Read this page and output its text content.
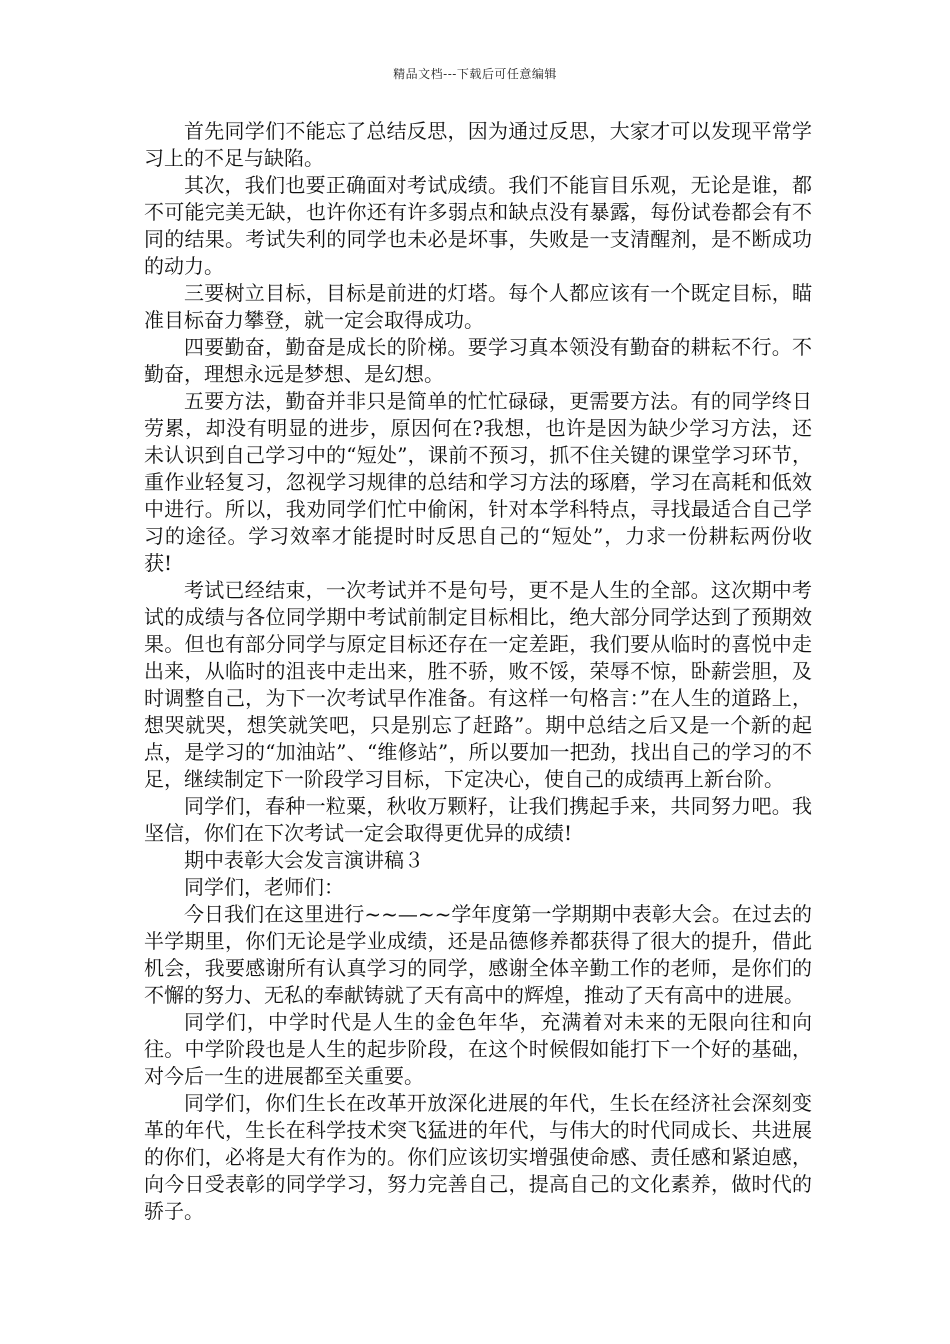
精品文档---下载后可任意编辑

首先同学们不能忘了总结反思，因为通过反思，大家才可以发现平常学习上的不足与缺陷。

其次，我们也要正确面对考试成绩。我们不能盲目乐观，无论是谁，都不可能完美无缺，也许你还有许多弱点和缺点没有暴露，每份试卷都会有不同的结果。考试失利的同学也未必是坏事，失败是一支清醒剂，是不断成功的动力。

三要树立目标，目标是前进的灯塔。每个人都应该有一个既定目标，瞄准目标奋力攀登，就一定会取得成功。

四要勤奋，勤奋是成长的阶梯。要学习真本领没有勤奋的耕耘不行。不勤奋，理想永远是梦想、是幻想。

五要方法，勤奋并非只是简单的忙忙碌碌，更需要方法。有的同学终日劳累，却没有明显的进步，原因何在?我想，也许是因为缺少学习方法，还未认识到自己学习中的“短处”，课前不预习，抓不住关键的课堂学习环节，重作业轻复习，忽视学习规律的总结和学习方法的琢磨，学习在高耗和低效中进行。所以，我劝同学们忙中偷闲，针对本学科特点，寻找最适合自己学习的途径。学习效率才能提时时反思自己的“短处”，力求一份耕耘两份收获!

考试已经结束，一次考试并不是句号，更不是人生的全部。这次期中考试的成绩与各位同学期中考试前制定目标相比，绝大部分同学达到了预期效果。但也有部分同学与原定目标还存在一定差距，我们要从临时的喜悦中走出来，从临时的沮丧中走出来，胜不骄，败不馁，荣辱不惊，卧薪尝胆，及时调整自己，为下一次考试早作准备。有这样一句格言：”在人生的道路上，想哭就哭，想笑就笑吧，只是别忘了赶路”。期中总结之后又是一个新的起点，是学习的“加油站”、“维修站”，所以要加一把劲，找出自己的学习的不足，继续制定下一阶段学习目标，下定决心，使自己的成绩再上新台阶。

同学们，春种一粒粟，秋收万颗籽，让我们携起手来，共同努力吧。我坚信，你们在下次考试一定会取得更优异的成绩!

期中表彰大会发言演讲稿３

同学们，老师们：

今日我们在这里进行~~—~~学年度第一学期期中表彰大会。在过去的半学期里，你们无论是学业成绩，还是品德修养都获得了很大的提升，借此机会，我要感谢所有认真学习的同学，感谢全体辛勤工作的老师，是你们的不懈的努力、无私的奉献铸就了天有高中的辉煌，推动了天有高中的进展。

同学们，中学时代是人生的金色年华，充满着对未来的无限向往和向往。中学阶段也是人生的起步阶段，在这个时候假如能打下一个好的基础，对今后一生的进展都至关重要。

同学们，你们生长在改革开放深化进展的年代，生长在经济社会深刻变革的年代，生长在科学技术突飞猛进的年代，与伟大的时代同成长、共进展的你们，必将是大有作为的。你们应该切实增强使命感、责任感和紧迫感，向今日受表彰的同学学习，努力完善自己，提高自己的文化素养，做时代的骄子。
